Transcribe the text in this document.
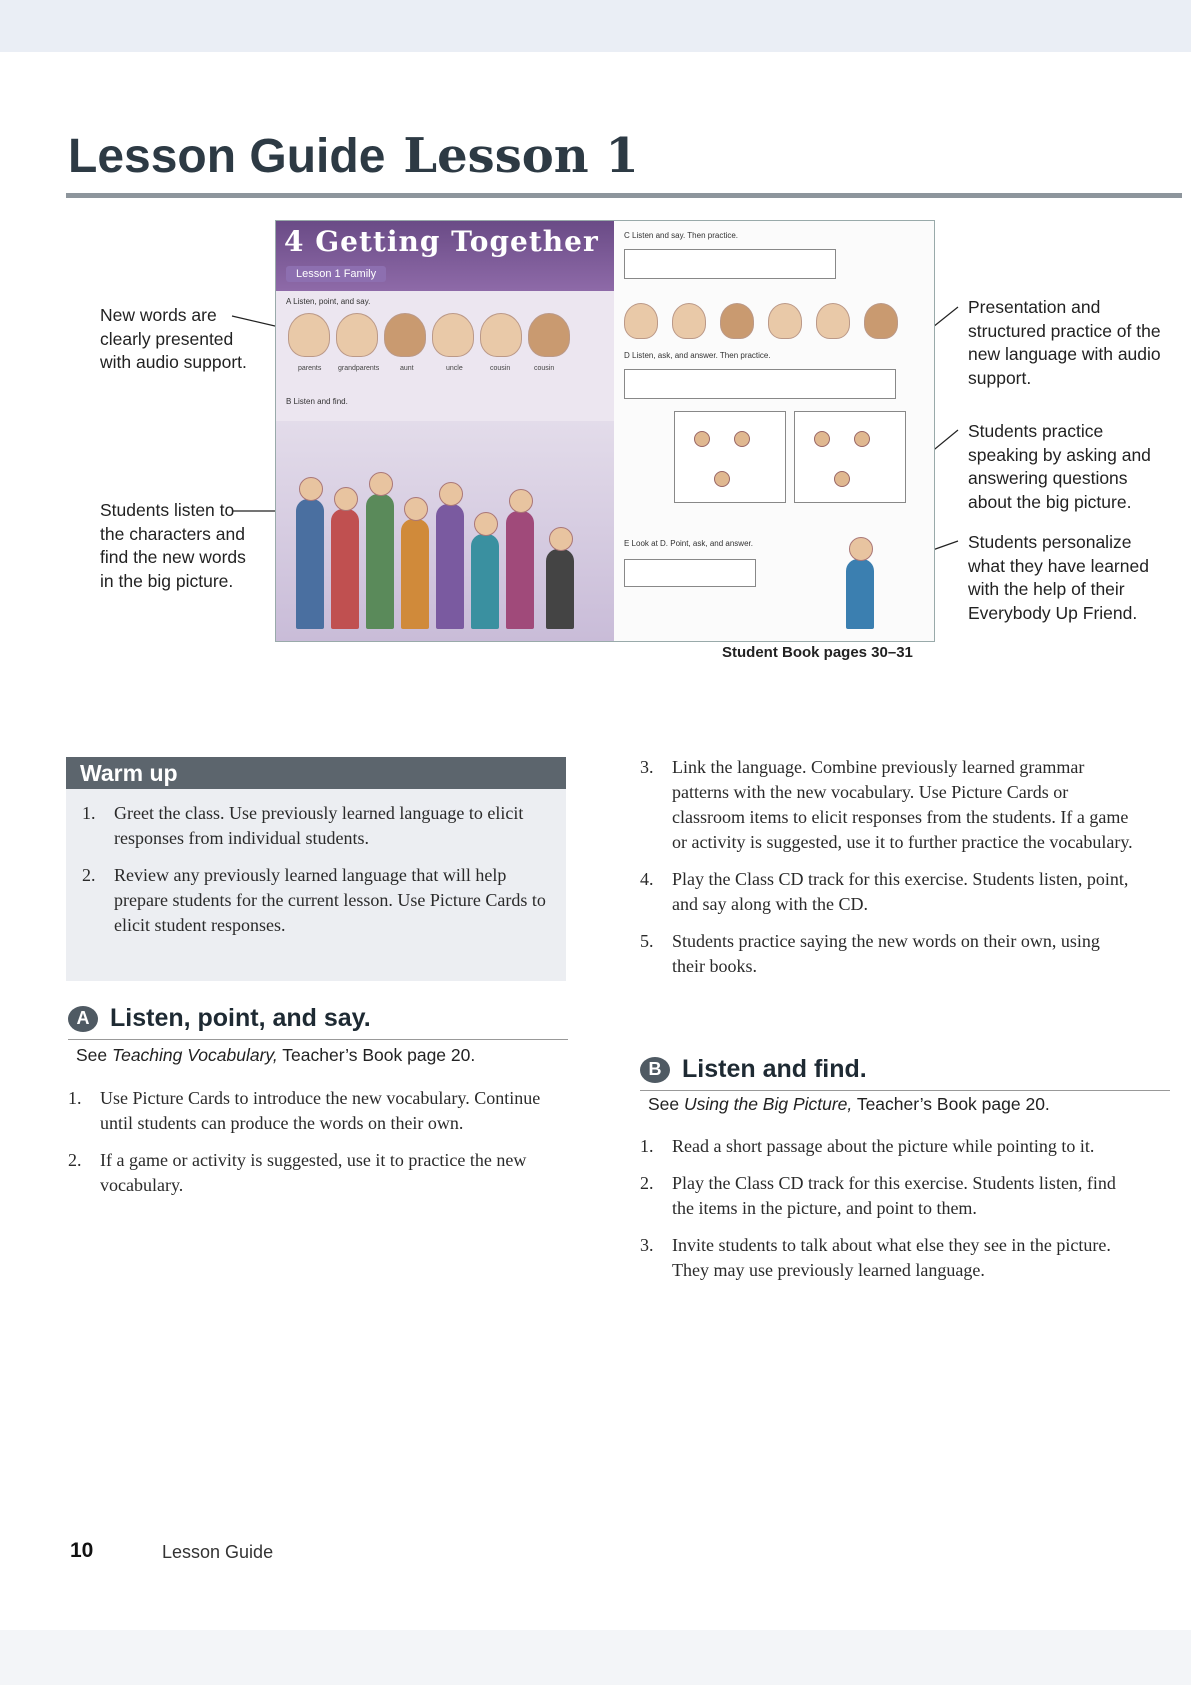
Lesson Guide Lesson 1

New words are clearly presented with audio support.

Students listen to the characters and find the new words in the big picture.

Presentation and structured practice of the new language with audio support.

Students practice speaking by asking and answering questions about the big picture.

Students personalize what they have learned with the help of their Everybody Up Friend.

4 Getting Together
Lesson 1 Family
A Listen, point, and say.
parents grandparents	aunt	uncle	cousin	cousin
B Listen and find.
C Listen and say. Then practice.
D Listen, ask, and answer. Then practice.
E Look at D. Point, ask, and answer.
Student Book pages 30–31
Warm up
1. Greet the class. Use previously learned language to elicit responses from individual students.
2. Review any previously learned language that will help prepare students for the current lesson. Use Picture Cards to elicit student responses.
A Listen, point, and say.

See Teaching Vocabulary, Teacher’s Book page 20.

1. Use Picture Cards to introduce the new vocabulary. Continue until students can produce the words on their own.
2. If a game or activity is suggested, use it to practice the new vocabulary.
3. Link the language. Combine previously learned grammar patterns with the new vocabulary. Use Picture Cards or classroom items to elicit responses from the students. If a game or activity is suggested, use it to further practice the vocabulary.
4. Play the Class CD track for this exercise. Students listen, point, and say along with the CD.
5. Students practice saying the new words on their own, using their books.
B Listen and find.

See Using the Big Picture, Teacher’s Book page 20.

1. Read a short passage about the picture while pointing to it.
2. Play the Class CD track for this exercise. Students listen, find the items in the picture, and point to them.
3. Invite students to talk about what else they see in the picture. They may use previously learned language.
10	Lesson Guide
